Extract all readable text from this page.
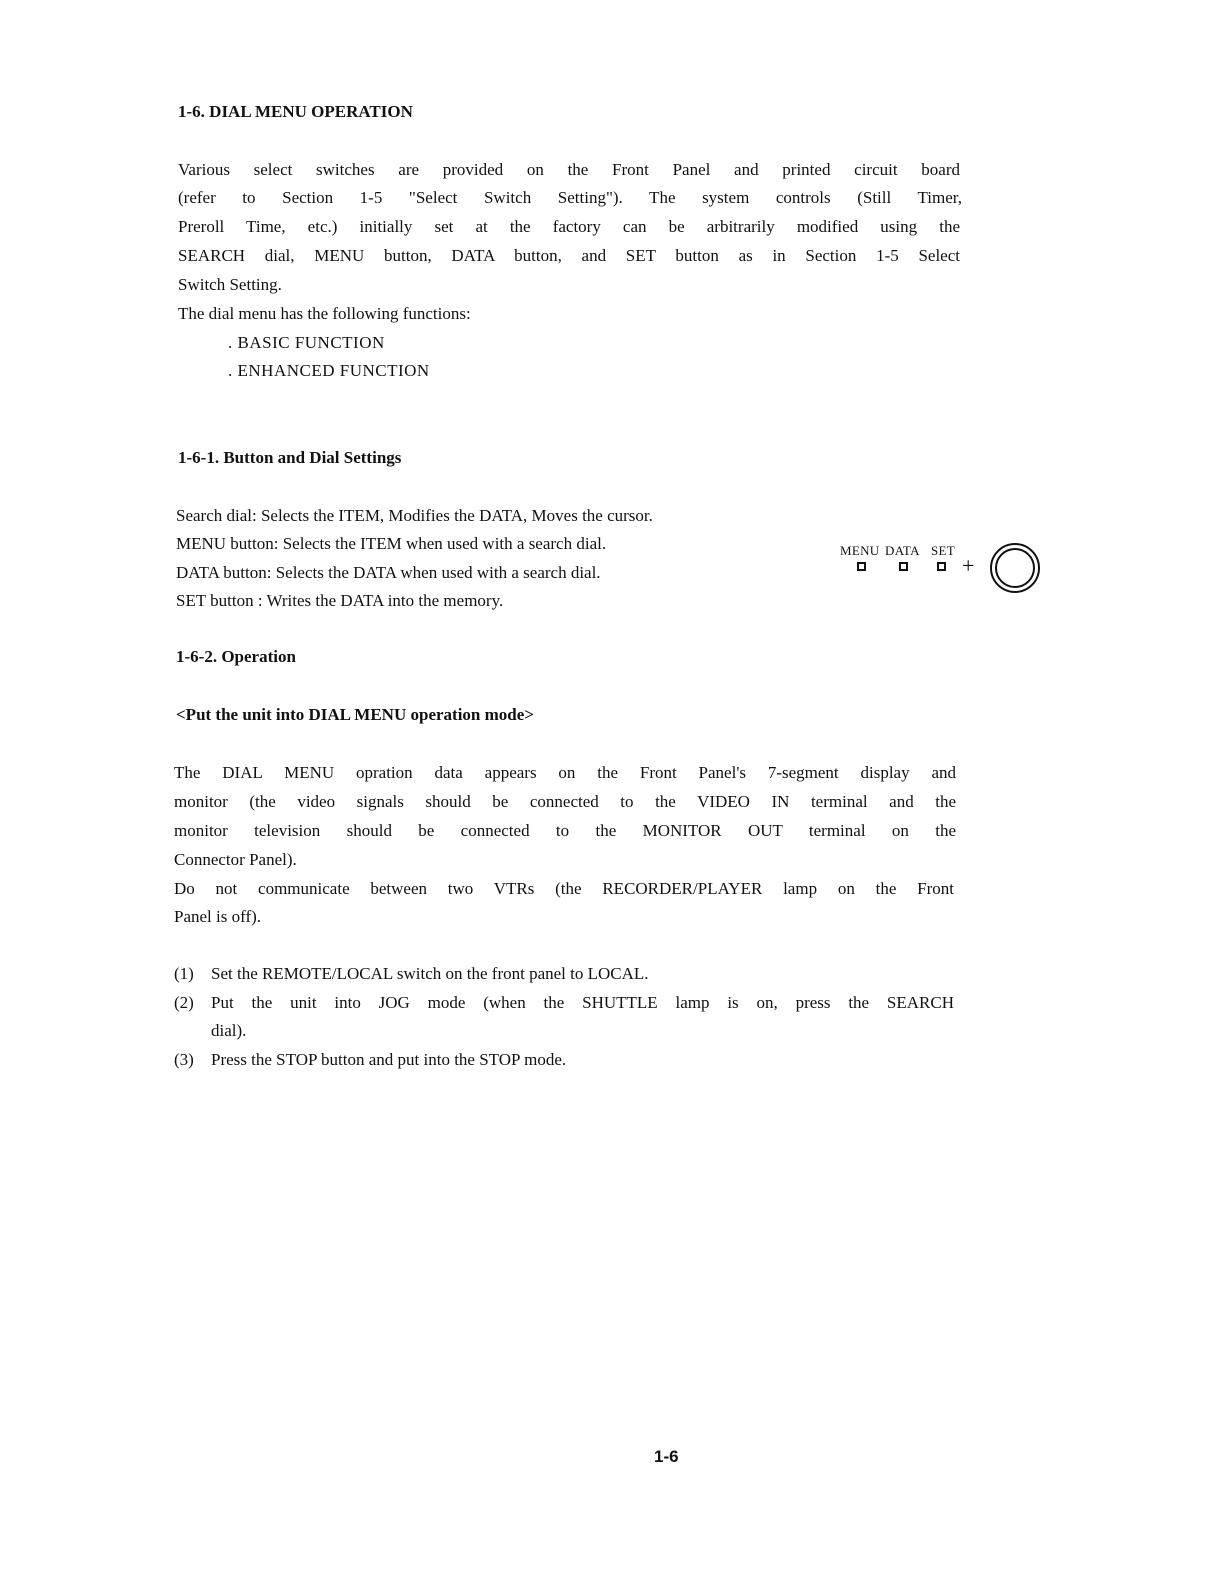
1-6. DIAL MENU OPERATION
Various select switches are provided on the Front Panel and printed circuit board
(refer to Section 1-5 "Select Switch Setting"). The system controls (Still Timer,
Preroll Time, etc.) initially set at the factory can be arbitrarily modified using the
SEARCH dial, MENU button, DATA button, and SET button as in Section 1-5 Select
Switch Setting.
The dial menu has the following functions:
. BASIC FUNCTION
. ENHANCED FUNCTION
1-6-1. Button and Dial Settings
Search dial: Selects the ITEM, Modifies the DATA, Moves the cursor.
MENU button: Selects the ITEM when used with a search dial.
DATA button: Selects the DATA when used with a search dial.
SET button : Writes the DATA into the memory.
MENU DATA SET
+
1-6-2. Operation
<Put the unit into DIAL MENU operation mode>
The DIAL MENU opration data appears on the Front Panel's 7-segment display and
monitor (the video signals should be connected to the VIDEO IN terminal and the
monitor television should be connected to the MONITOR OUT terminal on the
Connector Panel).
Do not communicate between two VTRs (the RECORDER/PLAYER lamp on the Front
Panel is off).
(1) Set the REMOTE/LOCAL switch on the front panel to LOCAL.
(2) Put the unit into JOG mode (when the SHUTTLE lamp is on, press the SEARCH
dial).
(3) Press the STOP button and put into the STOP mode.
1-6
